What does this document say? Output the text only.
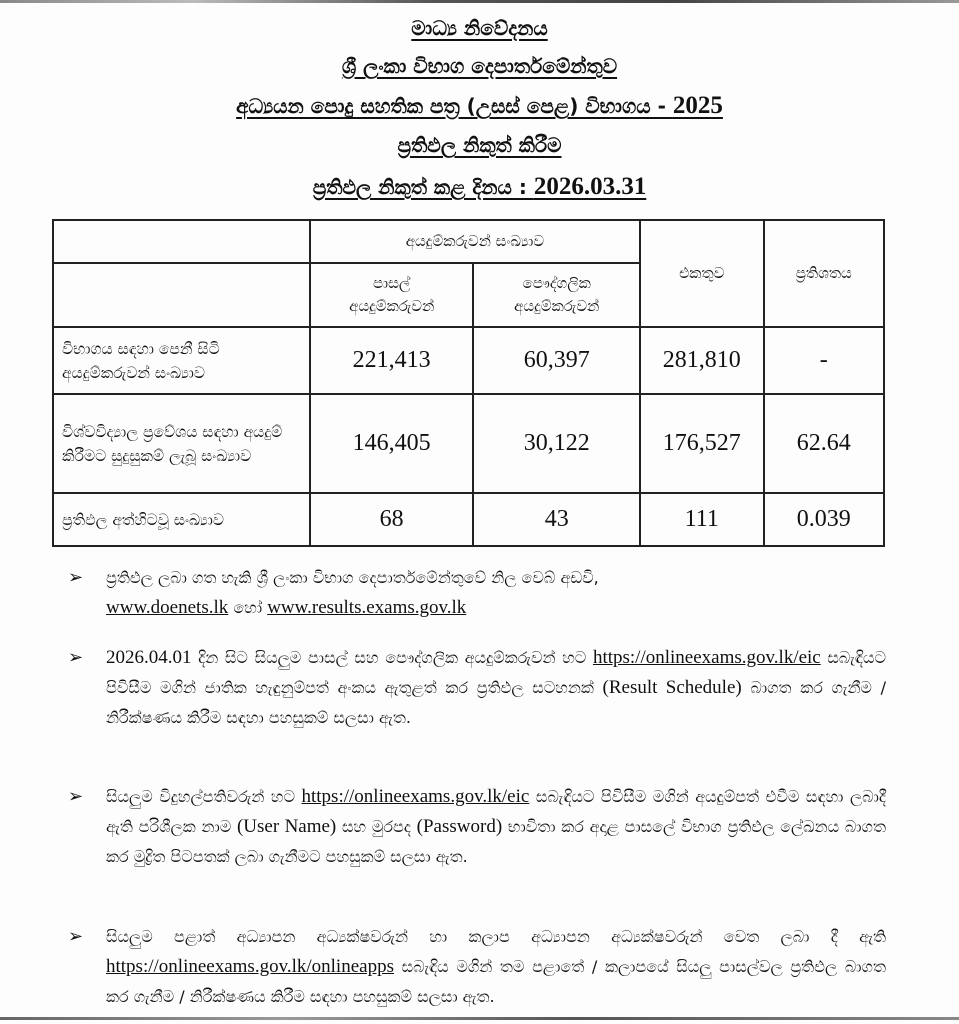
මාධ්‍ය නිවේදනය
ශ්‍රී ලංකා විභාග දෙපාර්තමේන්තුව
අධ්‍යයන පොදු සහතික පත්‍ර (උසස් පෙළ) විභාගය - 2025
ප්‍රතිඵල නිකුත් කිරීම
ප්‍රතිඵල නිකුත් කළ දිනය : 2026.03.31
	අයදුම්කරුවන් සංඛ්‍යාව		එකතුව	ප්‍රතිශතය

	පාසල් අයදුම්කරුවන්	පෞද්ගලික අයදුම්කරුවන්		

විභාගය සඳහා පෙනී සිටි අයදුම්කරුවන් සංඛ්‍යාව	221,413	60,397	281,810	-

විශ්වවිද්‍යාල ප්‍රවේශය සඳහා අයදුම් කිරීමට සුදුසුකම් ලැබූ සංඛ්‍යාව	146,405	30,122	176,527	62.64
ප්‍රතිඵල අත්හිටවූ සංඛ්‍යාව	68	43	111	0.039
➢ ප්‍රතිඵල ලබා ගත හැකි ශ්‍රී ලංකා විභාග දෙපාර්තමේන්තුවේ නිල වෙබ් අඩවි,
www.doenets.lk හෝ www.results.exams.gov.lk
➢ 2026.04.01 දින සිට සියලුම පාසල් සහ පෞද්ගලික අයදුම්කරුවන් හට https://onlineexams.gov.lk/eic සබැඳියට පිවිසීම මගින් ජාතික හැඳුනුම්පත් අංකය ඇතුළත් කර ප්‍රතිඵල සටහනක් (Result Schedule) බාගත කර ගැනීම / නිරීක්ෂණය කිරීම සඳහා පහසුකම් සලසා ඇත.
➢ සියලුම විදුහල්පතිවරුන් හට https://onlineexams.gov.lk/eic සබැඳියට පිවිසීම මගින් අයදුම්පත් එවීම සඳහා ලබාදී ඇති පරිශීලක නාම (User Name) සහ මුරපද (Password) භාවිතා කර අදාළ පාසලේ විභාග ප්‍රතිඵල ලේඛනය බාගත කර මුද්‍රිත පිටපතක් ලබා ගැනීමට පහසුකම් සලසා ඇත.
➢ සියලුම පළාත් අධ්‍යාපන අධ්‍යක්ෂවරුන් හා කලාප අධ්‍යාපන අධ්‍යක්ෂවරුන් වෙත ලබා දී ඇති https://onlineexams.gov.lk/onlineapps සබැඳිය මගින් තම පළාතේ / කලාපයේ සියලු පාසල්වල ප්‍රතිඵල බාගත කර ගැනීම / නිරීක්ෂණය කිරීම සඳහා පහසුකම් සලසා ඇත.
